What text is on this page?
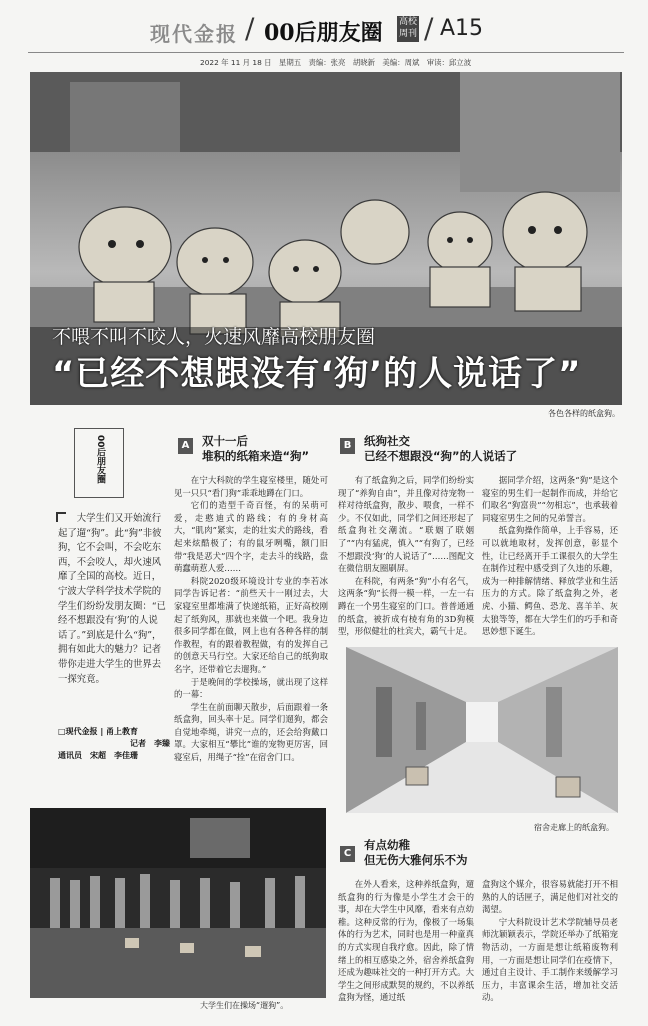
现代金报 / 00后朋友圈 高校周刊 / A15
2022 年 11 月 18 日　星期五　责编：张亮　胡晓新　美编：周斌　审读：邱立波
不喂不叫不咬人，火速风靡高校朋友圈
“已经不想跟没有‘狗’的人说话了”
各色各样的纸盒狗。
00后朋友圈
大学生们又开始流行起了遛“狗”。此“狗”非彼狗，它不会叫，不会吃东西，不会咬人，却火速风靡了全国的高校。近日，宁波大学科学技术学院的学生们纷纷发朋友圈：“已经不想跟没有‘狗’的人说话了。”到底是什么“狗”，拥有如此大的魅力？记者带你走进大学生的世界去一探究竟。
□现代金报 | 甬上教育
记者　李臻
通讯员　宋超　李佳珊
A	双十一后
堆积的纸箱来造“狗”

在宁大科院的学生寝室楼里，随处可见一只只“看门狗”乖乖地蹲在门口。

它们的造型千奇百怪，有的呆萌可爱，走憨迪式的路线；有的身材高大，“肌肉”紧实，走的壮实犬的路线，看起来炫酷极了；有的鼠牙咧嘴，额门旧带“我是恶犬”四个字，走去斗的线路，盘萌蠢萌惹人爱……

科院2020级环境设计专业的李若冰同学告诉记者：“前些天十一刚过去，大家寝室里都堆满了快递纸箱，正好高校刚起了纸狗风，那就也来做一个吧。我身边很多同学都在做，网上也有各种各样的制作教程，有的跟着教程做，有的发挥自己的创意天马行空。大家还给自己的纸狗取名字，还带着它去遛狗。”

于是晚间的学校操场，就出现了这样的一幕：

学生在前面聊天散步，后面跟着一条纸盒狗，回头率十足。同学们遛狗，都会自觉地牵绳，讲究一点的，还会给狗戴口罩。大家相互“攀比”谁的宠物更厉害，回寝室后，用绳子“拴”在宿舍门口。

B	纸狗社交
已经不想跟没“狗”的人说话了

有了纸盒狗之后，同学们纷纷实现了“养狗自由”，并且像对待宠物一样对待纸盒狗，散步、喂食，一样不少。不仅如此，同学们之间还形起了纸盒狗社交潮流。“联姻了联姻了”“内有猛虎，慎入”“有狗了，已经不想跟没‘狗’的人说话了”……图配文在微信朋友圈刷屏。

在科院，有两条“狗”小有名气，这两条“狗”长得一模一样，一左一右蹲在一个男生寝室的门口。普普通通的纸盒，被折成有棱有角的3D狗模型，形似健壮的杜宾犬，霸气十足。

据同学介绍，这两条“狗”是这个寝室的男生们一起制作而成，并给它们取名“狗富贵”“勿相忘”，也承载着同寝室男生之间的兄弟誓言。

纸盒狗操作简单，上手容易，还可以就地取材，发挥创意，彰显个性，让已经离开手工课很久的大学生在制作过程中感受到了久违的乐趣，成为一种排解情绪、释放学业和生活压力的方式。除了纸盒狗之外，老虎、小猫、鳄鱼、恐龙、喜羊羊、灰太狼等等，都在大学生们的巧手和奇思妙想下诞生。

宿舍走廊上的纸盒狗。
大学生们在操场“遛狗”。
C
有点幼稚
但无伤大雅何乐不为

在外人看来，这种养纸盒狗，遛纸盒狗的行为像是小学生才会干的事，却在大学生中风靡，看来有点幼稚。这种反常的行为，像极了一场集体的行为艺术，同时也是用一种童真的方式实现自我疗愈。因此，除了情绪上的相互感染之外，宿舍养纸盒狗还成为趣味社交的一种打开方式。大学生之间形成默契的规约，不以养纸盒狗为怪，通过纸

盒狗这个媒介，很容易就能打开不相熟的人的话匣子，满足他们对社交的渴望。

宁大科院设计艺术学院辅导员老师沈颖颖表示，学院还举办了纸箱宠物活动，一方面是想让纸箱废物利用，一方面是想让同学们在疫情下，通过自主设计、手工制作来缓解学习压力，丰富课余生活，增加社交活动。
